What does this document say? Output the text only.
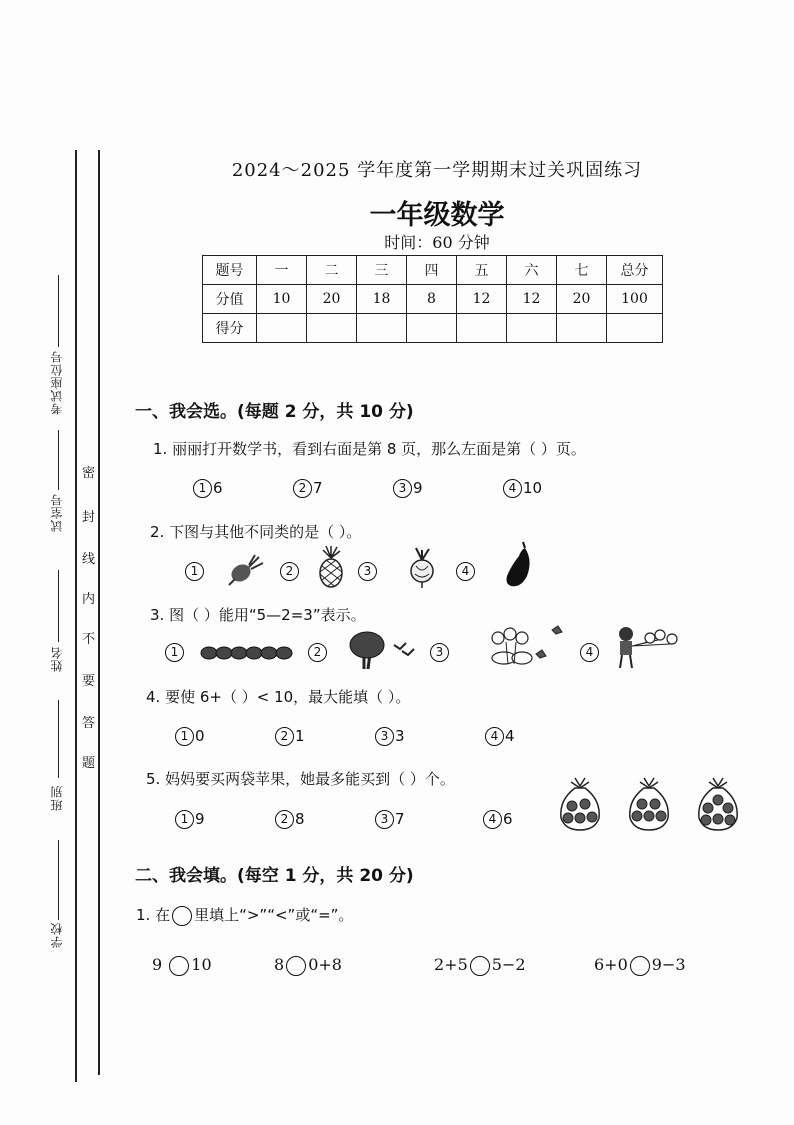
考试座位号
试室号
姓名
班别
学校
密
封
线
内
不
要
答
题
2024～2025 学年度第一学期期末过关巩固练习
一年级数学
时间：60 分钟
题号	一	二	三	四	五	六	七	总分
分值	10	20	18	8	12	12	20	100
得分								
一、我会选。(每题 2 分，共 10 分)
1. 丽丽打开数学书，看到右面是第 8 页，那么左面是第（ ）页。
1 6	2 7	3 9	4 10
2. 下图与其他不同类的是（ ）。
1	2	3	4
3. 图（ ）能用“5—2=3”表示。
1	2	3	4
4. 要使 6+（ ）< 10，最大能填（ ）。
1 0	2 1	3 3	4 4
5. 妈妈要买两袋苹果，她最多能买到（ ）个。
1 9	2 8	3 7	4 6
二、我会填。(每空 1 分，共 20 分)
1. 在 里填上“>”“<”或“=”。
9 10	8 0+8	2+5 5−2	6+0 9−3
